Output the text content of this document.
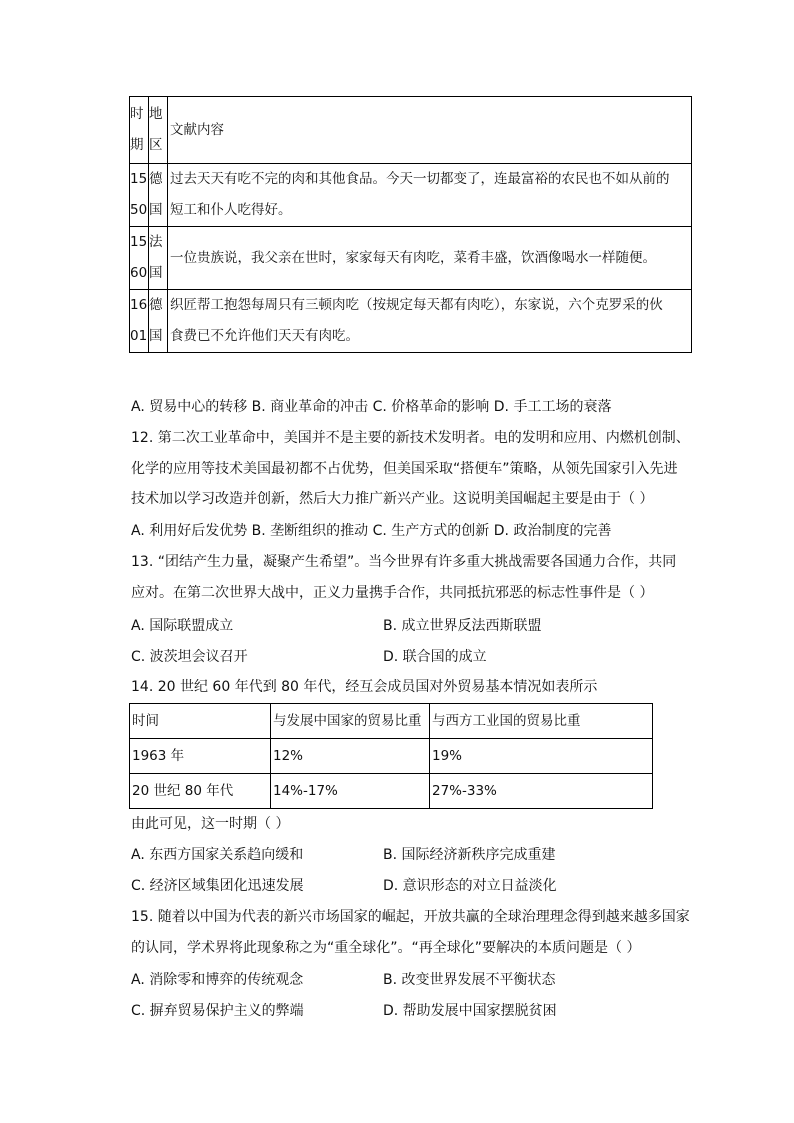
时期	地区	文献内容
1550	德国	过去天天有吃不完的肉和其他食品。今天一切都变了，连最富裕的农民也不如从前的
短工和仆人吃得好。

1560	法国	一位贵族说，我父亲在世时，家家每天有肉吃，菜肴丰盛，饮酒像喝水一样随便。
1601	德国	织匠帮工抱怨每周只有三顿肉吃（按规定每天都有肉吃），东家说，六个克罗采的伙
食费已不允许他们天天有肉吃。
A. 贸易中心的转移 B. 商业革命的冲击 C. 价格革命的影响 D. 手工工场的衰落
12. 第二次工业革命中，美国并不是主要的新技术发明者。电的发明和应用、内燃机创制、
化学的应用等技术美国最初都不占优势，但美国采取“搭便车”策略，从领先国家引入先进
技术加以学习改造并创新，然后大力推广新兴产业。这说明美国崛起主要是由于（ ）
A. 利用好后发优势 B. 垄断组织的推动 C. 生产方式的创新 D. 政治制度的完善
13. “团结产生力量，凝聚产生希望”。当今世界有许多重大挑战需要各国通力合作，共同
应对。在第二次世界大战中，正义力量携手合作，共同抵抗邪恶的标志性事件是（ ）
A. 国际联盟成立	B. 成立世界反法西斯联盟
C. 波茨坦会议召开	D. 联合国的成立
14. 20 世纪 60 年代到 80 年代，经互会成员国对外贸易基本情况如表所示
时间	与发展中国家的贸易比重	与西方工业国的贸易比重
1963 年	12%	19%
20 世纪 80 年代	14%-17%	27%-33%
由此可见，这一时期（ ）
A. 东西方国家关系趋向缓和	B. 国际经济新秩序完成重建
C. 经济区域集团化迅速发展	D. 意识形态的对立日益淡化
15. 随着以中国为代表的新兴市场国家的崛起，开放共赢的全球治理理念得到越来越多国家
的认同，学术界将此现象称之为“重全球化”。“再全球化”要解决的本质问题是（ ）
A. 消除零和博弈的传统观念	B. 改变世界发展不平衡状态
C. 摒弃贸易保护主义的弊端	D. 帮助发展中国家摆脱贫困
